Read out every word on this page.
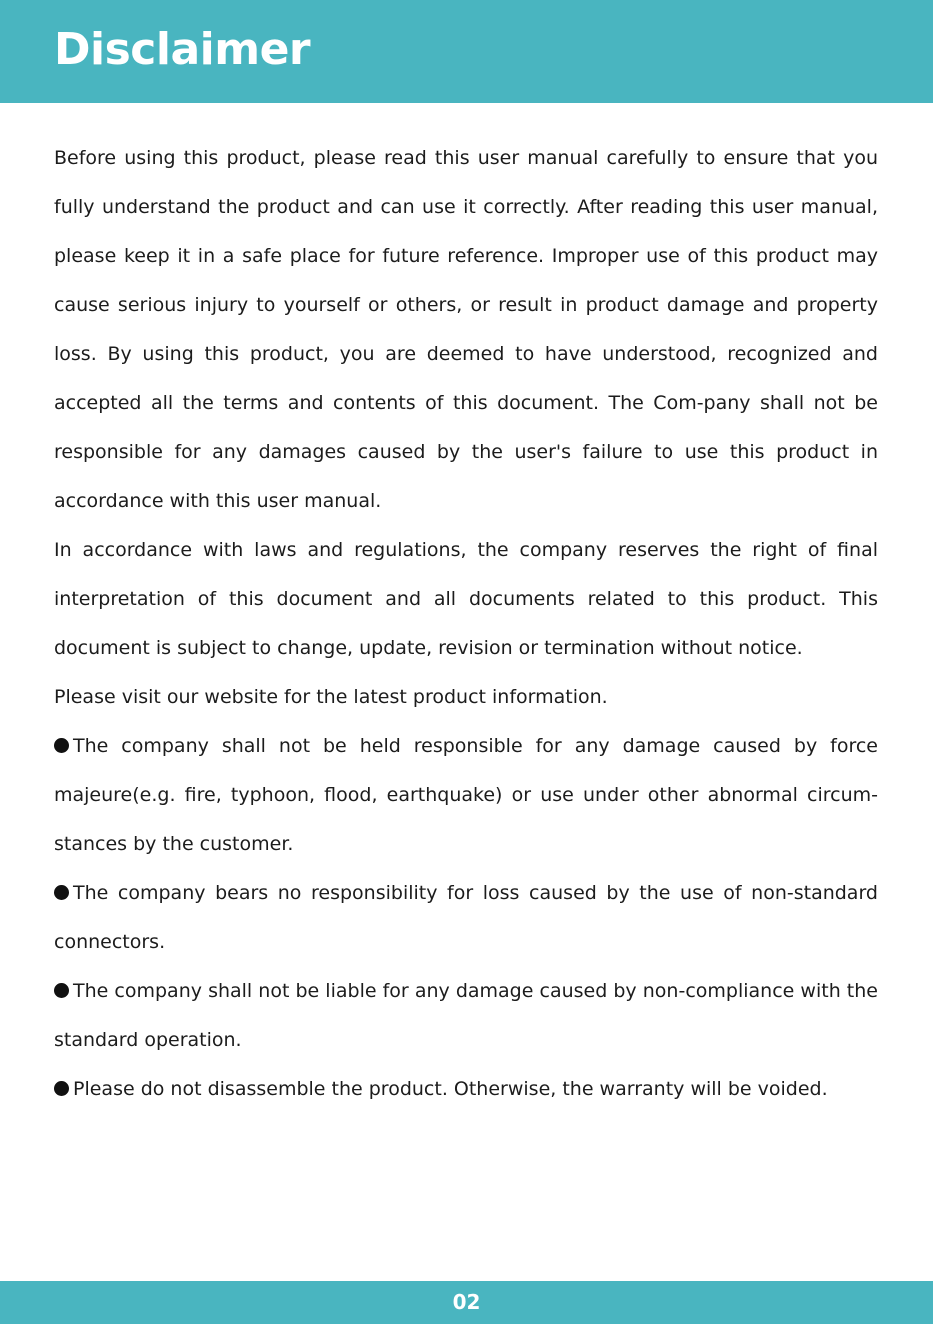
Disclaimer

Before using this product, please read this user manual carefully to ensure that you fully understand the product and can use it correctly. After reading this user manual, please keep it in a safe place for future reference. Improper use of this product may cause serious injury to yourself or others, or result in product damage and property loss. By using this product, you are deemed to have understood, recognized and accepted all the terms and contents of this document. The Com-pany shall not be responsible for any damages caused by the user's failure to use this product in accordance with this user manual.

In accordance with laws and regulations, the company reserves the right of final interpretation of this document and all documents related to this product. This document is subject to change, update, revision or termination without notice.

Please visit our website for the latest product information.

The company shall not be held responsible for any damage caused by force majeure(e.g. fire, typhoon, flood, earthquake) or use under other abnormal circum-stances by the customer.

The company bears no responsibility for loss caused by the use of non-standard connectors.

The company shall not be liable for any damage caused by non-compliance with the standard operation.

Please do not disassemble the product. Otherwise, the warranty will be voided.

02
